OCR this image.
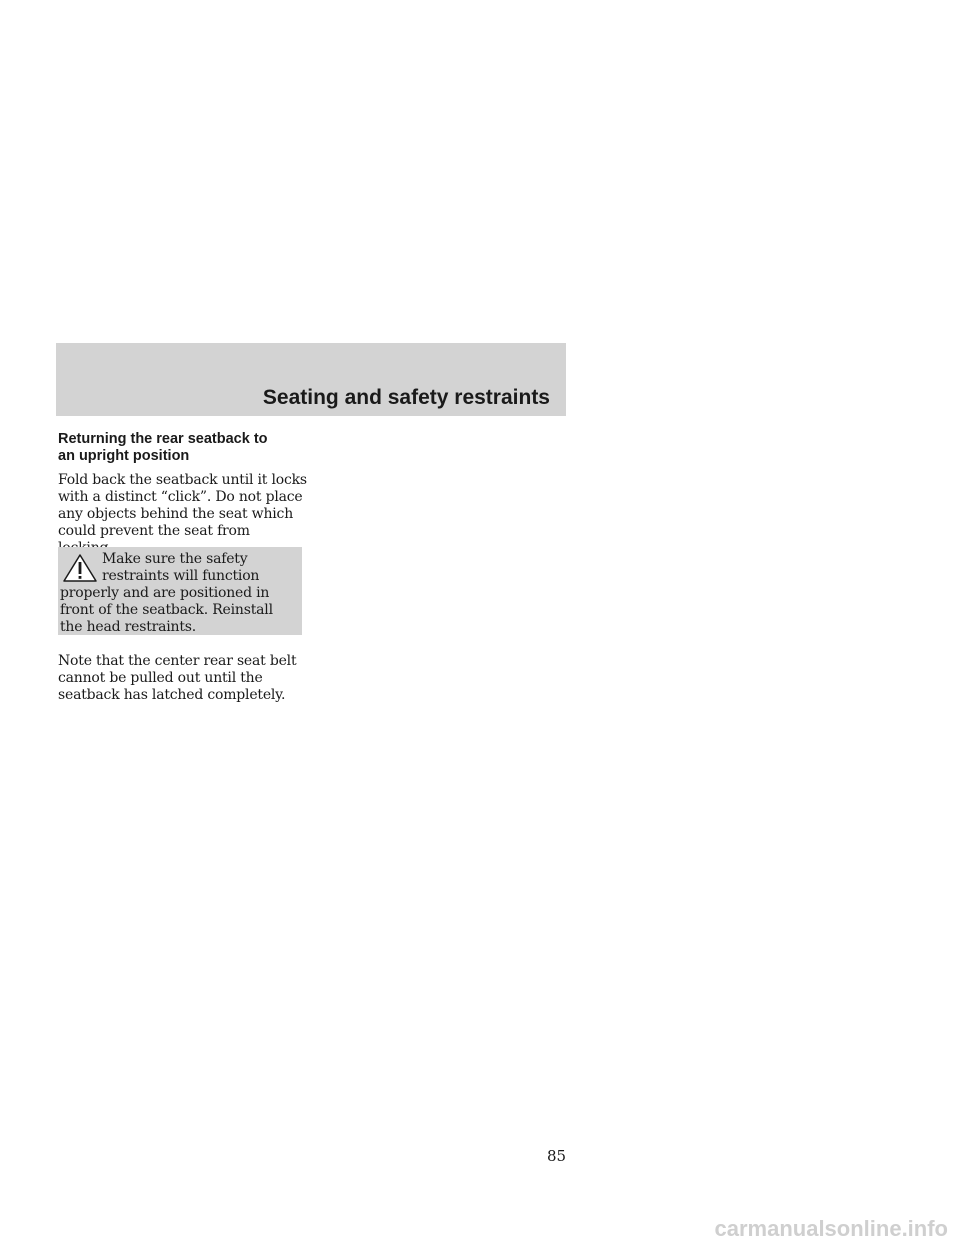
Seating and safety restraints
Returning the rear seatback to
an upright position

Fold back the seatback until it locks with a distinct “click”. Do not place any objects behind the seat which could prevent the seat from

Make sure the safety restraints will function properly and are positioned in front of the seatback. Reinstall the head restraints.

Note that the center rear seat belt cannot be pulled out until the seatback has latched completely.

85
carmanualsonline.info
